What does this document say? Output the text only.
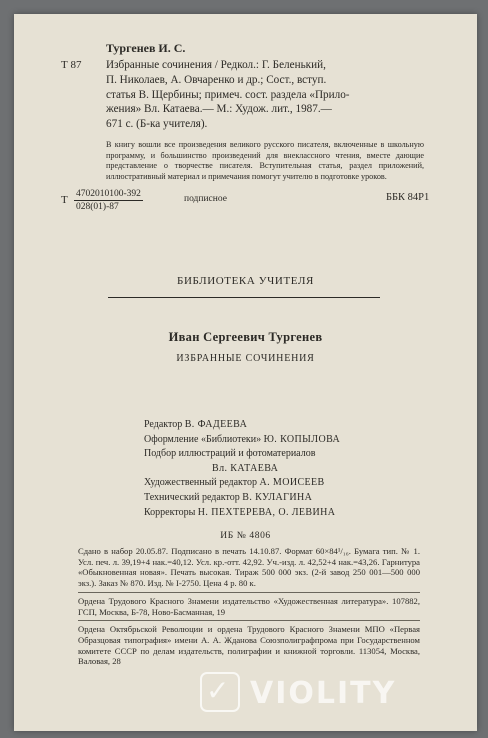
Тургенев И. С.
Т 87 Избранные сочинения / Редкол.: Г. Беленький,

П. Николаев, А. Овчаренко и др.; Сост., вступ.

статья В. Щербины; примеч. сост. раздела «Прило-

жения» Вл. Катаева.— М.: Худож. лит., 1987.—

671 с. (Б-ка учителя).

В книгу вошли все произведения великого русского писателя, включенные в школьную программу, и большинство произведений для внеклассного чтения, вместе дающие представление о творчестве писателя. Вступительная статья, раздел приложений, иллюстративный материал и примечания помогут учителю в подготовке уроков.
Т $\frac{4702010100-392}{028(01)-87}$	подписное	ББК 84Р1
БИБЛИОТЕКА УЧИТЕЛЯ
Иван Сергеевич Тургенев
ИЗБРАННЫЕ СОЧИНЕНИЯ
Редактор В. ФАДЕЕВА
Оформление «Библиотеки» Ю. КОПЫЛОВА
Подбор иллюстраций и фотоматериалов
Вл. КАТАЕВА
Художественный редактор А. МОИСЕЕВ
Технический редактор В. КУЛАГИНА
Корректоры Н. ПЕХТЕРЕВА, О. ЛЕВИНА
ИБ № 4806

Сдано в набор 20.05.87. Подписано в печать 14.10.87. Формат 60×84¹/₁₆. Бумага тип. № 1. Усл. печ. л. 39,19+4 нак.=40,12. Усл. кр.-отт. 42,92. Уч.-изд. л. 42,52+4 нак.=43,26. Гарнитура «Обыкновенная новая». Печать высокая. Тираж 500 000 экз. (2-й завод 250 001—500 000 экз.). Заказ № 870. Изд. № I-2750. Цена 4 р. 80 к.

Ордена Трудового Красного Знамени издательство «Художественная литература». 107882, ГСП, Москва, Б-78, Ново-Басманная, 19

Ордена Октябрьской Революции и ордена Трудового Красного Знамени МПО «Первая Образцовая типография» имени А. А. Жданова Союзполиграфпрома при Государственном комитете СССР по делам издательств, полиграфии и книжной торговли. 113054, Москва, Валовая, 28

✓ VIOLITY
